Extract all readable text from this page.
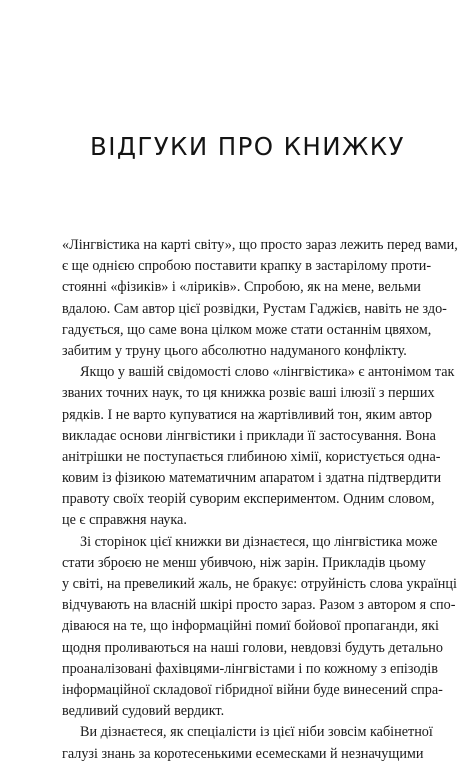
ВІДГУКИ ПРО КНИЖКУ
«Лінгвістика на карті світу», що просто зараз лежить перед вами,
є ще однією спробою поставити крапку в застарілому проти-
стоянні «фізиків» і «ліриків». Спробою, як на мене, вельми
вдалою. Сам автор цієї розвідки, Рустам Гаджієв, навіть не здо-
гадується, що саме вона цілком може стати останнім цвяхом,
забитим у труну цього абсолютно надуманого конфлікту.
Якщо у вашій свідомості слово «лінгвістика» є антонімом так
званих точних наук, то ця книжка розвіє ваші ілюзії з перших
рядків. І не варто купуватися на жартівливий тон, яким автор
викладає основи лінгвістики і приклади її застосування. Вона
анітрішки не поступається глибиною хімії, користується одна-
ковим із фізикою математичним апаратом і здатна підтвердити
правоту своїх теорій суворим експериментом. Одним словом,
це є справжня наука.
Зі сторінок цієї книжки ви дізнаєтеся, що лінгвістика може
стати зброєю не менш убивчою, ніж зарін. Прикладів цьому
у світі, на превеликий жаль, не бракує: отруйність слова українці
відчувають на власній шкірі просто зараз. Разом з автором я спо-
діваюся на те, що інформаційні помиї бойової пропаганди, які
щодня проливаються на наші голови, невдовзі будуть детально
проаналізовані фахівцями-лінгвістами і по кожному з епізодів
інформаційної складової гібридної війни буде винесений спра-
ведливий судовий вердикт.
Ви дізнаєтеся, як спеціалісти із цієї ніби зовсім кабінетної
галузі знань за коротесенькими есемесками й незначущими
